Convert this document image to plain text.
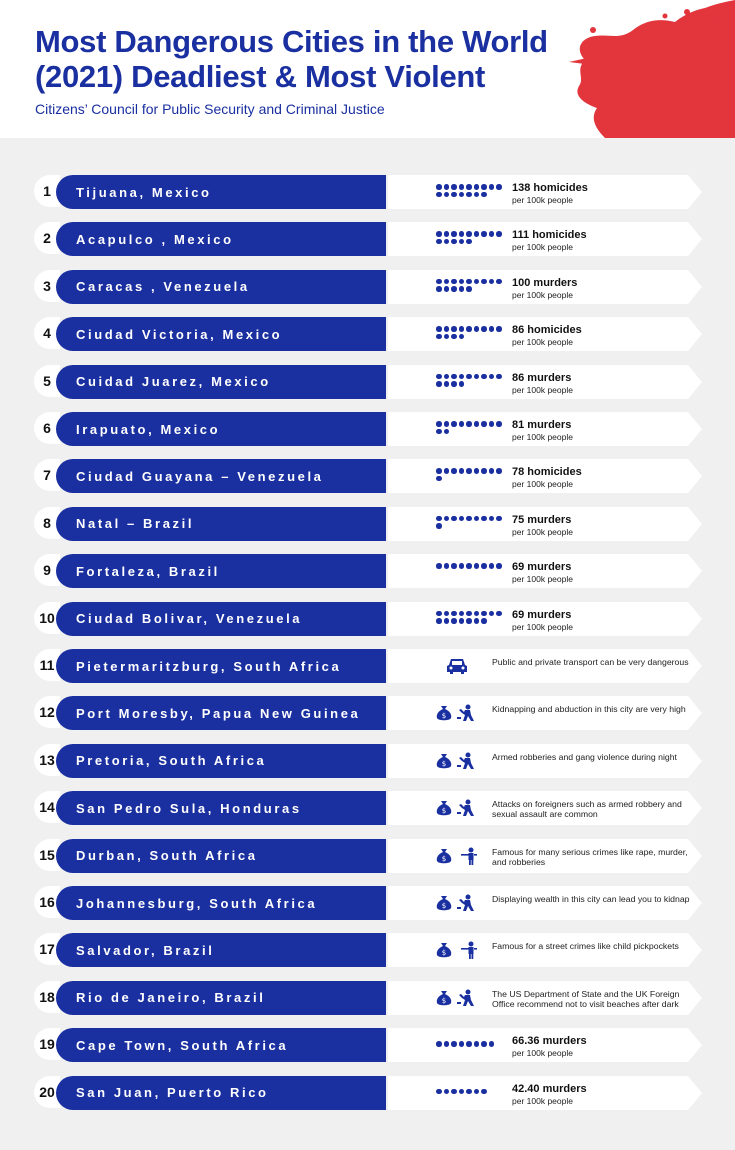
Most Dangerous Cities in the World (2021) Deadliest & Most Violent
Citizens’ Council for Public Security and Criminal Justice
1	Tijuana, Mexico	138 homicides
per 100k people
2	Acapulco , Mexico	111 homicides
per 100k people
3	Caracas , Venezuela	100 murders
per 100k people
4	Ciudad Victoria, Mexico	86 homicides
per 100k people
5	Cuidad Juarez, Mexico	86 murders
per 100k people
6	Irapuato, Mexico	81 murders
per 100k people
7	Ciudad Guayana – Venezuela	78 homicides
per 100k people
8	Natal – Brazil	75 murders
per 100k people
9	Fortaleza, Brazil	69 murders
per 100k people
10	Ciudad Bolivar, Venezuela	69 murders
per 100k people
11	Pietermaritzburg, South Africa	Public and private transport can be very dangerous
12	Port Moresby, Papua New Guinea	$
Kidnapping and abduction in this city are very high
13	Pretoria, South Africa	$
Armed robberies and gang violence during night
14	San Pedro Sula, Honduras	$
Attacks on foreigners such as armed robbery and sexual assault are common
15	Durban, South Africa	$
Famous for many serious crimes like rape, murder, and robberies
16	Johannesburg, South Africa	$
Displaying wealth in this city can lead you to kidnap
17	Salvador, Brazil	$
Famous for a street crimes like child pickpockets
18	Rio de Janeiro, Brazil	$
The US Department of State and the UK Foreign Office recommend not to visit beaches after dark
19	Cape Town, South Africa	66.36 murders
per 100k people
20	San Juan, Puerto Rico	42.40 murders
per 100k people
